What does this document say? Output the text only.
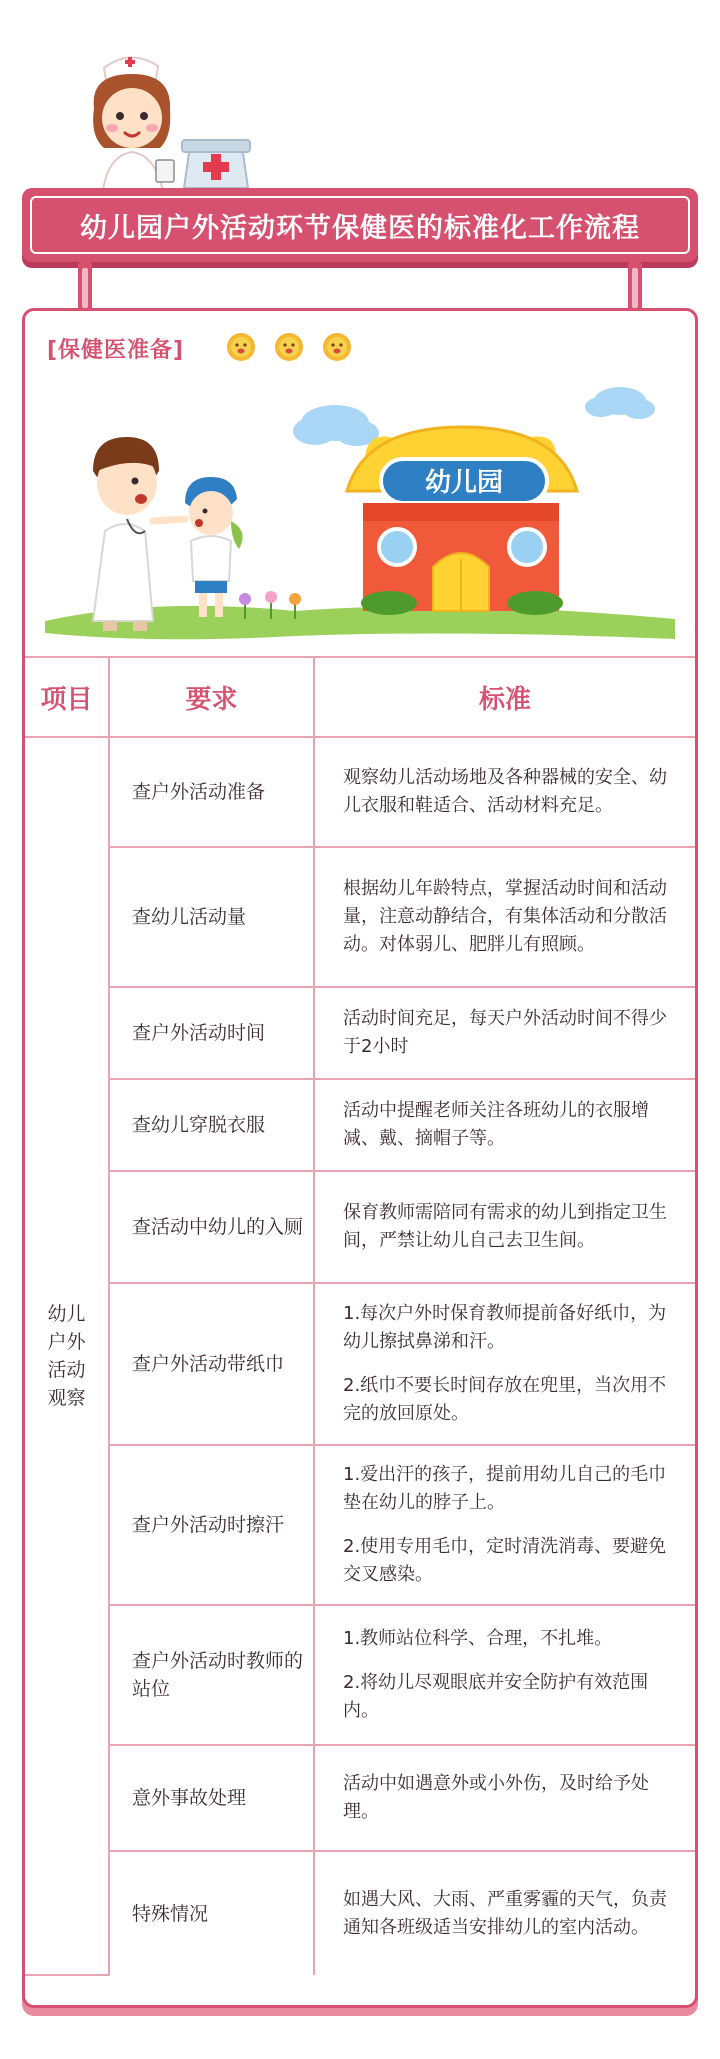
幼儿园户外活动环节保健医的标准化工作流程
[保健医准备]
幼儿园
项目	要求	标准

幼儿户外活动观察	查户外活动准备	观察幼儿活动场地及各种器械的安全、幼儿衣服和鞋适合、活动材料充足。

	查幼儿活动量	根据幼儿年龄特点，掌握活动时间和活动量，注意动静结合，有集体活动和分散活动。对体弱儿、肥胖儿有照顾。

	查户外活动时间	活动时间充足，每天户外活动时间不得少于2小时

	查幼儿穿脱衣服	活动中提醒老师关注各班幼儿的衣服增减、戴、摘帽子等。

	查活动中幼儿的入厕	保育教师需陪同有需求的幼儿到指定卫生间，严禁让幼儿自己去卫生间。

	查户外活动带纸巾	1.每次户外时保育教师提前备好纸巾，为幼儿擦拭鼻涕和汗。

2.纸巾不要长时间存放在兜里，当次用不完的放回原处。

	查户外活动时擦汗	1.爱出汗的孩子，提前用幼儿自己的毛巾垫在幼儿的脖子上。

2.使用专用毛巾，定时清洗消毒、要避免交叉感染。

	查户外活动时教师的站位	1.教师站位科学、合理，不扎堆。

2.将幼儿尽观眼底并安全防护有效范围内。

	意外事故处理	活动中如遇意外或小外伤，及时给予处理。

	特殊情况	如遇大风、大雨、严重雾霾的天气，负责通知各班级适当安排幼儿的室内活动。
